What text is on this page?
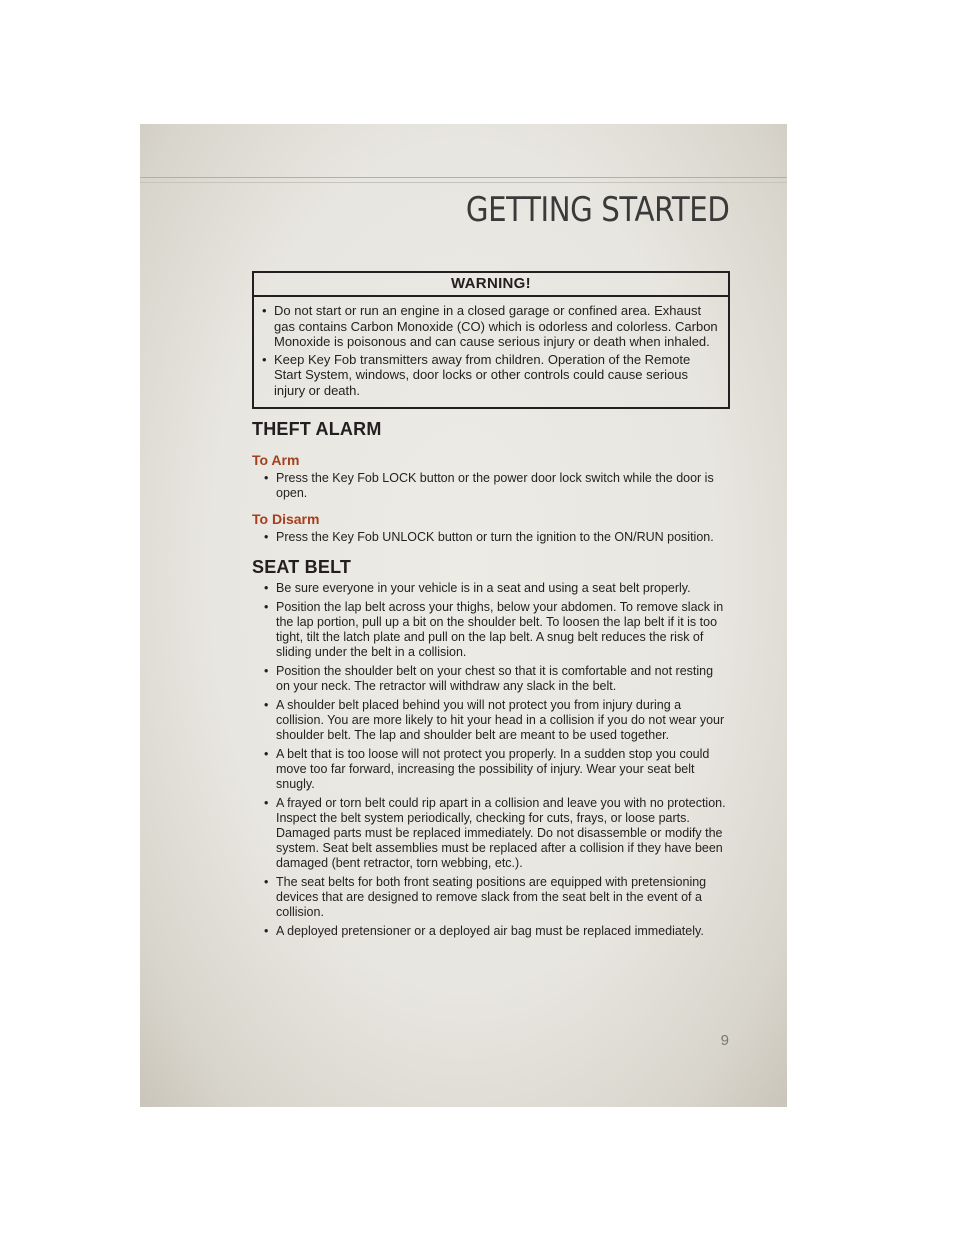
GETTING STARTED
WARNING!
• Do not start or run an engine in a closed garage or confined area. Exhaust gas contains Carbon Monoxide (CO) which is odorless and colorless. Carbon Monoxide is poisonous and can cause serious injury or death when inhaled.
• Keep Key Fob transmitters away from children. Operation of the Remote Start System, windows, door locks or other controls could cause serious injury or death.
THEFT ALARM
To Arm
• Press the Key Fob LOCK button or the power door lock switch while the door is open.
To Disarm
• Press the Key Fob UNLOCK button or turn the ignition to the ON/RUN position.
SEAT BELT
• Be sure everyone in your vehicle is in a seat and using a seat belt properly.
• Position the lap belt across your thighs, below your abdomen. To remove slack in the lap portion, pull up a bit on the shoulder belt. To loosen the lap belt if it is too tight, tilt the latch plate and pull on the lap belt. A snug belt reduces the risk of sliding under the belt in a collision.
• Position the shoulder belt on your chest so that it is comfortable and not resting on your neck. The retractor will withdraw any slack in the belt.
• A shoulder belt placed behind you will not protect you from injury during a collision. You are more likely to hit your head in a collision if you do not wear your shoulder belt. The lap and shoulder belt are meant to be used together.
• A belt that is too loose will not protect you properly. In a sudden stop you could move too far forward, increasing the possibility of injury. Wear your seat belt snugly.
• A frayed or torn belt could rip apart in a collision and leave you with no protection. Inspect the belt system periodically, checking for cuts, frays, or loose parts. Damaged parts must be replaced immediately. Do not disassemble or modify the system. Seat belt assemblies must be replaced after a collision if they have been damaged (bent retractor, torn webbing, etc.).
• The seat belts for both front seating positions are equipped with pretensioning devices that are designed to remove slack from the seat belt in the event of a collision.
• A deployed pretensioner or a deployed air bag must be replaced immediately.
9
